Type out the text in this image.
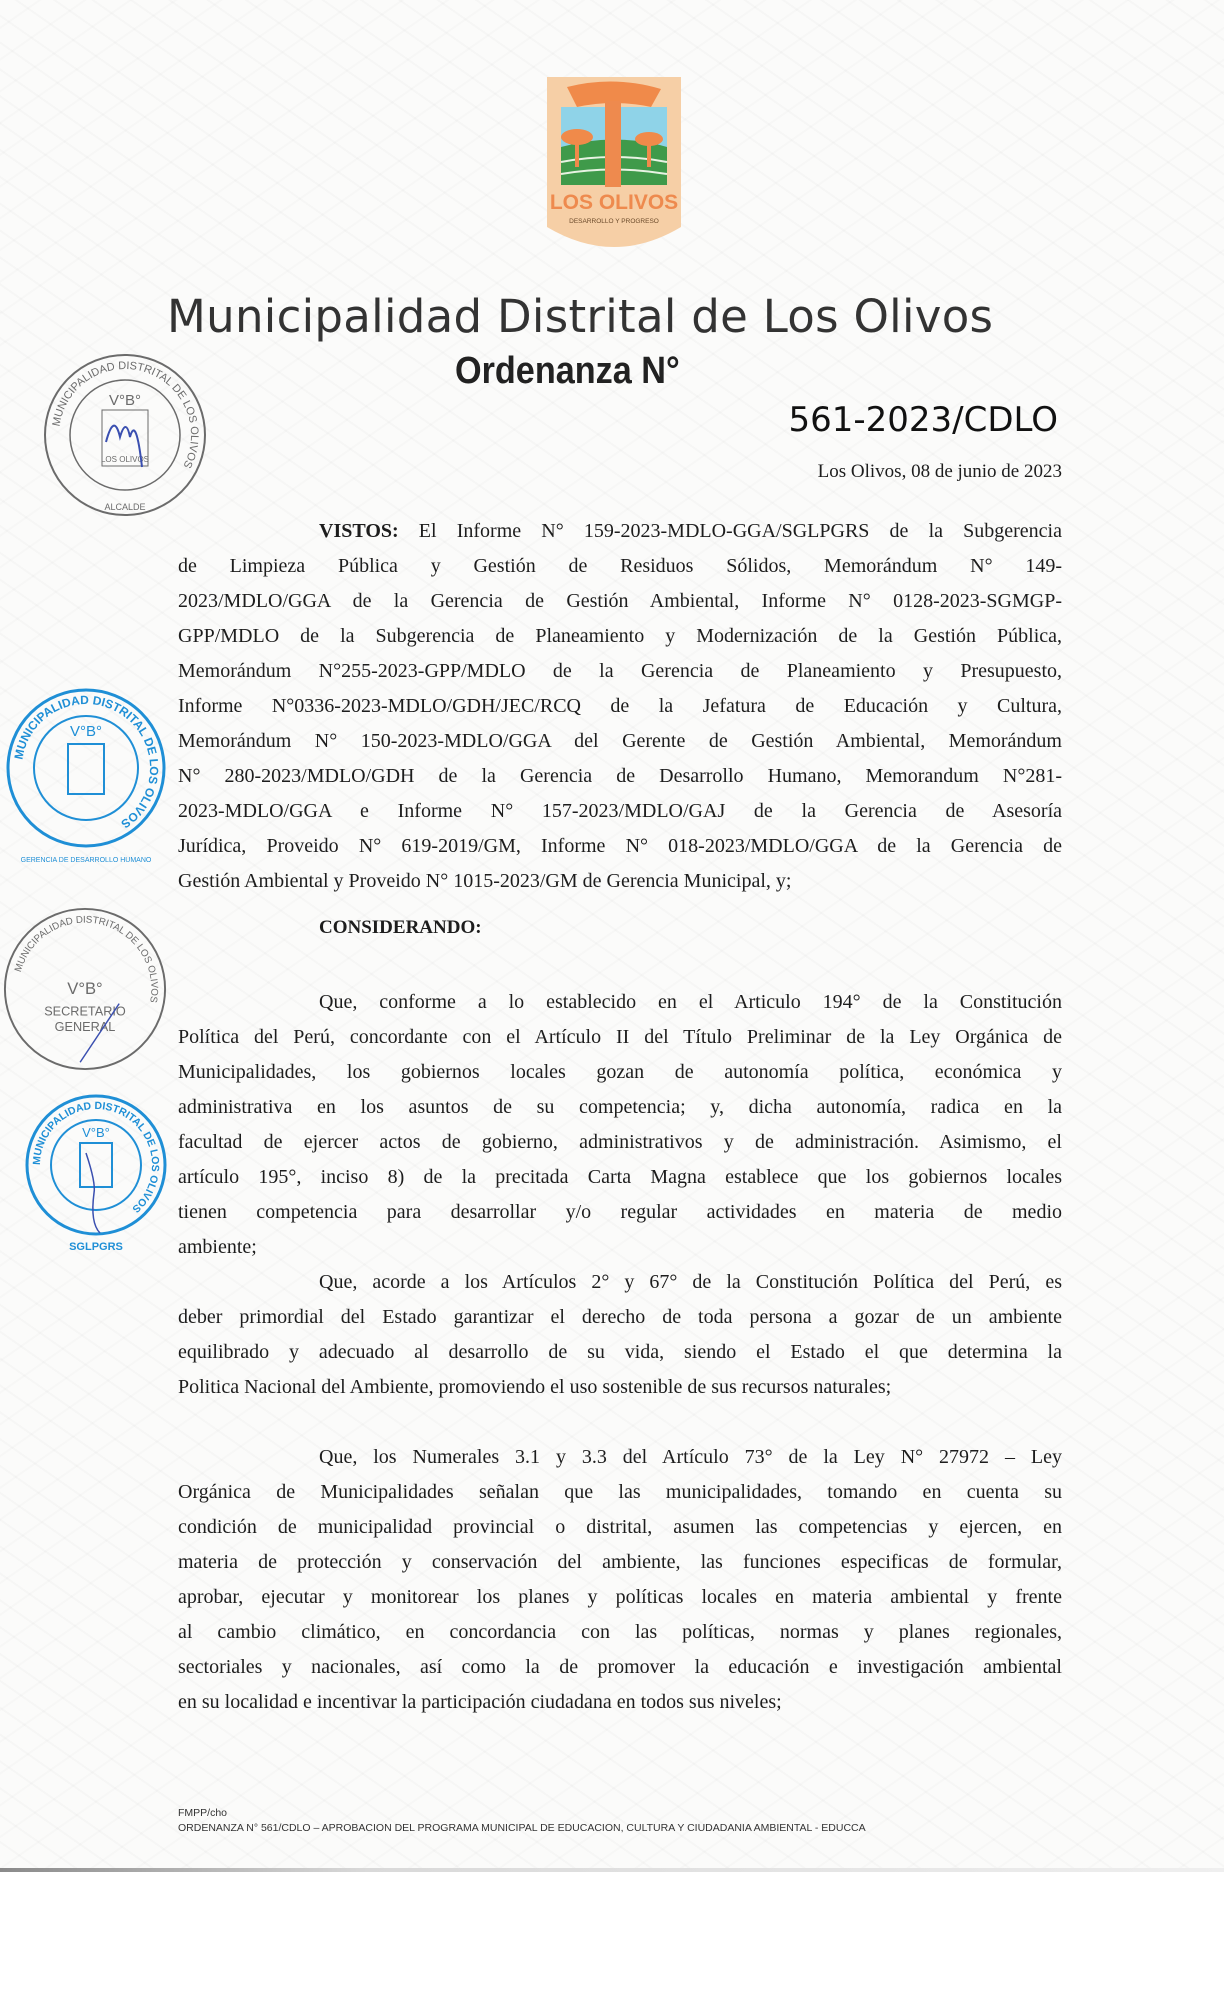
LOS OLIVOS
DESARROLLO Y PROGRESO
Municipalidad Distrital de Los Olivos
Ordenanza N°
561-2023/CDLO
Los Olivos, 08 de junio de 2023
VISTOS: El Informe N° 159-2023-MDLO-GGA/SGLPGRS de la Subgerencia
de Limpieza Pública y Gestión de Residuos Sólidos, Memorándum N° 149-
2023/MDLO/GGA de la Gerencia de Gestión Ambiental, Informe N° 0128-2023-SGMGP-
GPP/MDLO de la Subgerencia de Planeamiento y Modernización de la Gestión Pública,
Memorándum N°255-2023-GPP/MDLO de la Gerencia de Planeamiento y Presupuesto,
Informe N°0336-2023-MDLO/GDH/JEC/RCQ de la Jefatura de Educación y Cultura,
Memorándum N° 150-2023-MDLO/GGA del Gerente de Gestión Ambiental, Memorándum
N° 280-2023/MDLO/GDH de la Gerencia de Desarrollo Humano, Memorandum N°281-
2023-MDLO/GGA e Informe N° 157-2023/MDLO/GAJ de la Gerencia de Asesoría
Jurídica, Proveido N° 619-2019/GM, Informe N° 018-2023/MDLO/GGA de la Gerencia de
Gestión Ambiental y Proveido N° 1015-2023/GM de Gerencia Municipal, y;
CONSIDERANDO:
Que, conforme a lo establecido en el Articulo 194° de la Constitución
Política del Perú, concordante con el Artículo II del Título Preliminar de la Ley Orgánica de
Municipalidades, los gobiernos locales gozan de autonomía política, económica y
administrativa en los asuntos de su competencia; y, dicha autonomía, radica en la
facultad de ejercer actos de gobierno, administrativos y de administración. Asimismo, el
artículo 195°, inciso 8) de la precitada Carta Magna establece que los gobiernos locales
tienen competencia para desarrollar y/o regular actividades en materia de medio
ambiente;
Que, acorde a los Artículos 2° y 67° de la Constitución Política del Perú, es
deber primordial del Estado garantizar el derecho de toda persona a gozar de un ambiente
equilibrado y adecuado al desarrollo de su vida, siendo el Estado el que determina la
Politica Nacional del Ambiente, promoviendo el uso sostenible de sus recursos naturales;
Que, los Numerales 3.1 y 3.3 del Artículo 73° de la Ley N° 27972 – Ley
Orgánica de Municipalidades señalan que las municipalidades, tomando en cuenta su
condición de municipalidad provincial o distrital, asumen las competencias y ejercen, en
materia de protección y conservación del ambiente, las funciones especificas de formular,
aprobar, ejecutar y monitorear los planes y políticas locales en materia ambiental y frente
al cambio climático, en concordancia con las políticas, normas y planes regionales,
sectoriales y nacionales, así como la de promover la educación e investigación ambiental
en su localidad e incentivar la participación ciudadana en todos sus niveles;
FMPP/cho
ORDENANZA N° 561/CDLO – APROBACION DEL PROGRAMA MUNICIPAL DE EDUCACION, CULTURA Y CIUDADANIA AMBIENTAL - EDUCCA
MUNICIPALIDAD DISTRITAL DE LOS OLIVOS
V°B°
LOS OLIVOS
ALCALDE
MUNICIPALIDAD DISTRITAL DE LOS OLIVOS
V°B°
GERENCIA DE DESARROLLO HUMANO
MUNICIPALIDAD DISTRITAL DE LOS OLIVOS
V°B°
SECRETARIO
GENERAL
MUNICIPALIDAD DISTRITAL DE LOS OLIVOS
V°B°
SGLPGRS
